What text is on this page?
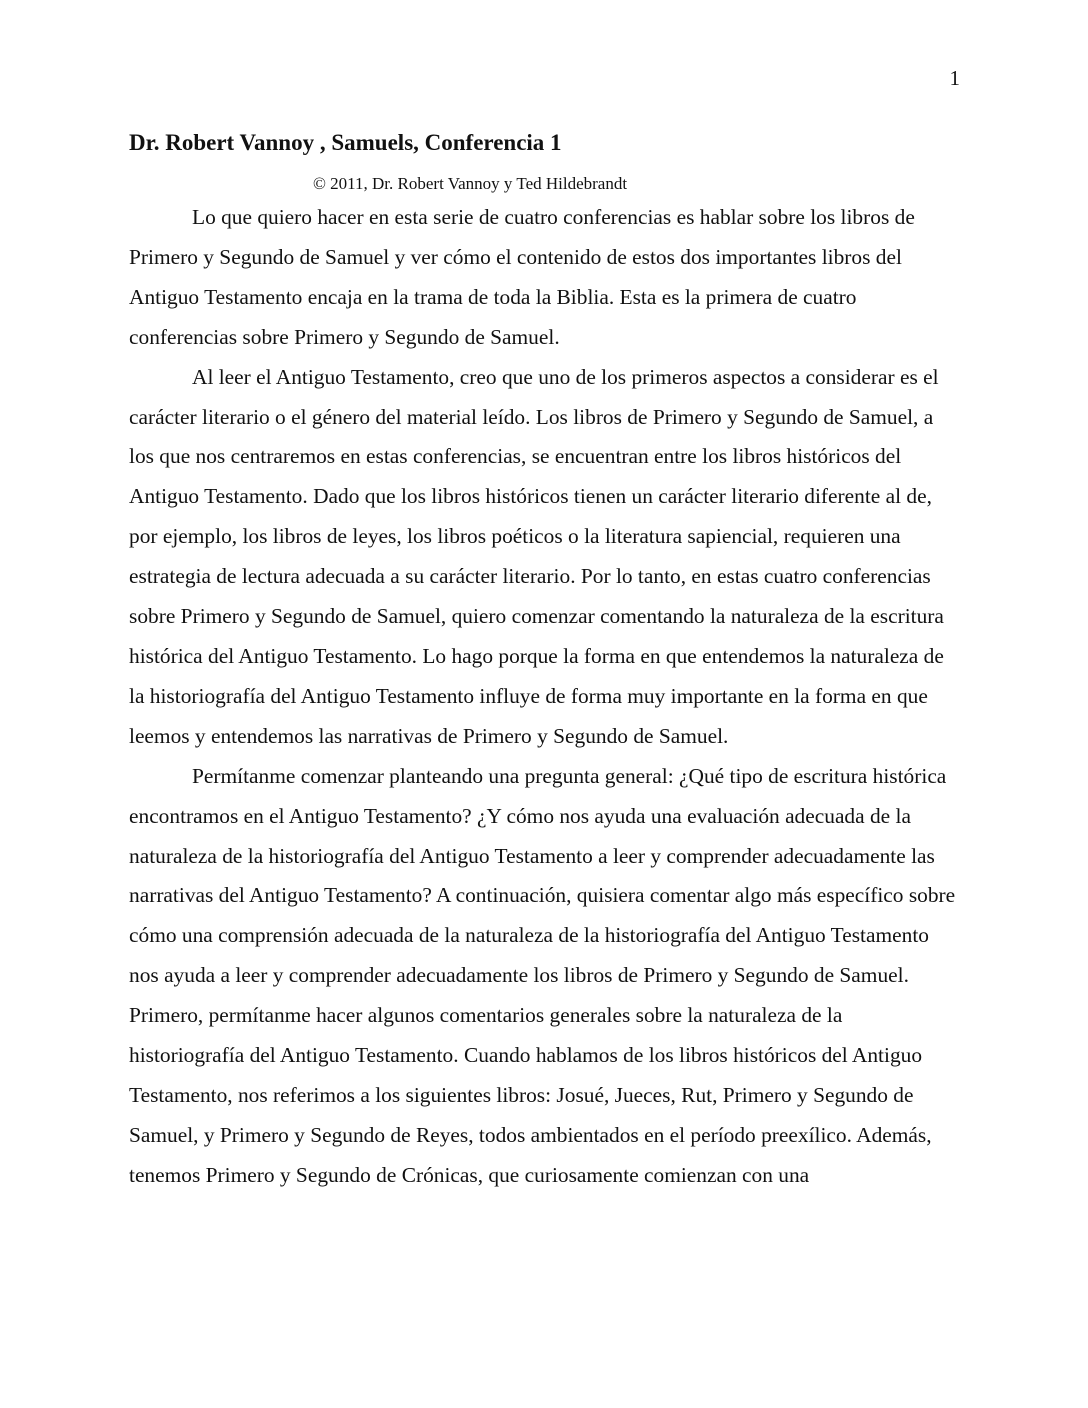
1
Dr. Robert Vannoy , Samuels, Conferencia 1
© 2011, Dr. Robert Vannoy y Ted Hildebrandt

Lo que quiero hacer en esta serie de cuatro conferencias es hablar sobre los libros de Primero y Segundo de Samuel y ver cómo el contenido de estos dos importantes libros del Antiguo Testamento encaja en la trama de toda la Biblia. Esta es la primera de cuatro conferencias sobre Primero y Segundo de Samuel.

Al leer el Antiguo Testamento, creo que uno de los primeros aspectos a considerar es el carácter literario o el género del material leído. Los libros de Primero y Segundo de Samuel, a los que nos centraremos en estas conferencias, se encuentran entre los libros históricos del Antiguo Testamento. Dado que los libros históricos tienen un carácter literario diferente al de, por ejemplo, los libros de leyes, los libros poéticos o la literatura sapiencial, requieren una estrategia de lectura adecuada a su carácter literario. Por lo tanto, en estas cuatro conferencias sobre Primero y Segundo de Samuel, quiero comenzar comentando la naturaleza de la escritura histórica del Antiguo Testamento. Lo hago porque la forma en que entendemos la naturaleza de la historiografía del Antiguo Testamento influye de forma muy importante en la forma en que leemos y entendemos las narrativas de Primero y Segundo de Samuel.

Permítanme comenzar planteando una pregunta general: ¿Qué tipo de escritura histórica encontramos en el Antiguo Testamento? ¿Y cómo nos ayuda una evaluación adecuada de la naturaleza de la historiografía del Antiguo Testamento a leer y comprender adecuadamente las narrativas del Antiguo Testamento? A continuación, quisiera comentar algo más específico sobre cómo una comprensión adecuada de la naturaleza de la historiografía del Antiguo Testamento nos ayuda a leer y comprender adecuadamente los libros de Primero y Segundo de Samuel. Primero, permítanme hacer algunos comentarios generales sobre la naturaleza de la historiografía del Antiguo Testamento. Cuando hablamos de los libros históricos del Antiguo Testamento, nos referimos a los siguientes libros: Josué, Jueces, Rut, Primero y Segundo de Samuel, y Primero y Segundo de Reyes, todos ambientados en el período preexílico. Además, tenemos Primero y Segundo de Crónicas, que curiosamente comienzan con una
